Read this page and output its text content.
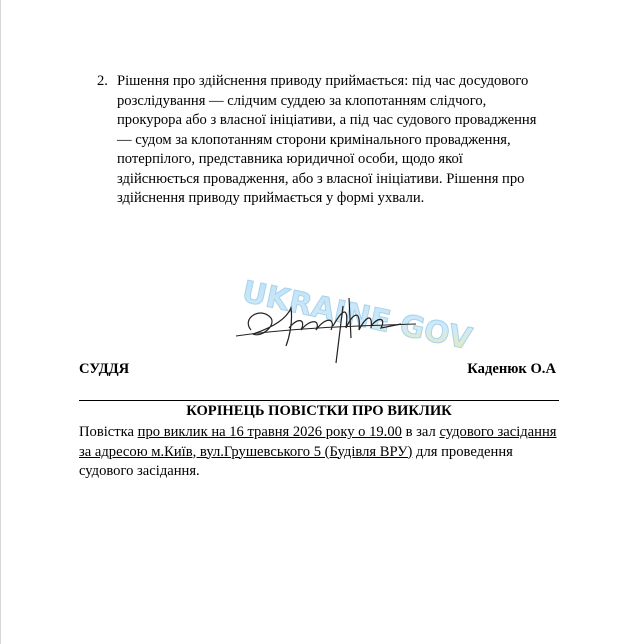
2. Рішення про здійснення приводу приймається: під час досудового розслідування — слідчим суддею за клопотанням слідчого, прокурора або з власної ініціативи, а під час судового провадження — судом за клопотанням сторони кримінального провадження, потерпілого, представника юридичної особи, щодо якої здійснюється провадження, або з власної ініціативи. Рішення про здійснення приводу приймається у формі ухвали.
UKRAINE GOV
СУДДЯ	Каденюк О.А
КОРІНЕЦЬ ПОВІСТКИ ПРО ВИКЛИК
Повістка про виклик на 16 травня 2026 року о 19.00 в зал судового засідання за адресою м.Київ, вул.Грушевського 5 (Будівля ВРУ) для проведення судового засідання.
